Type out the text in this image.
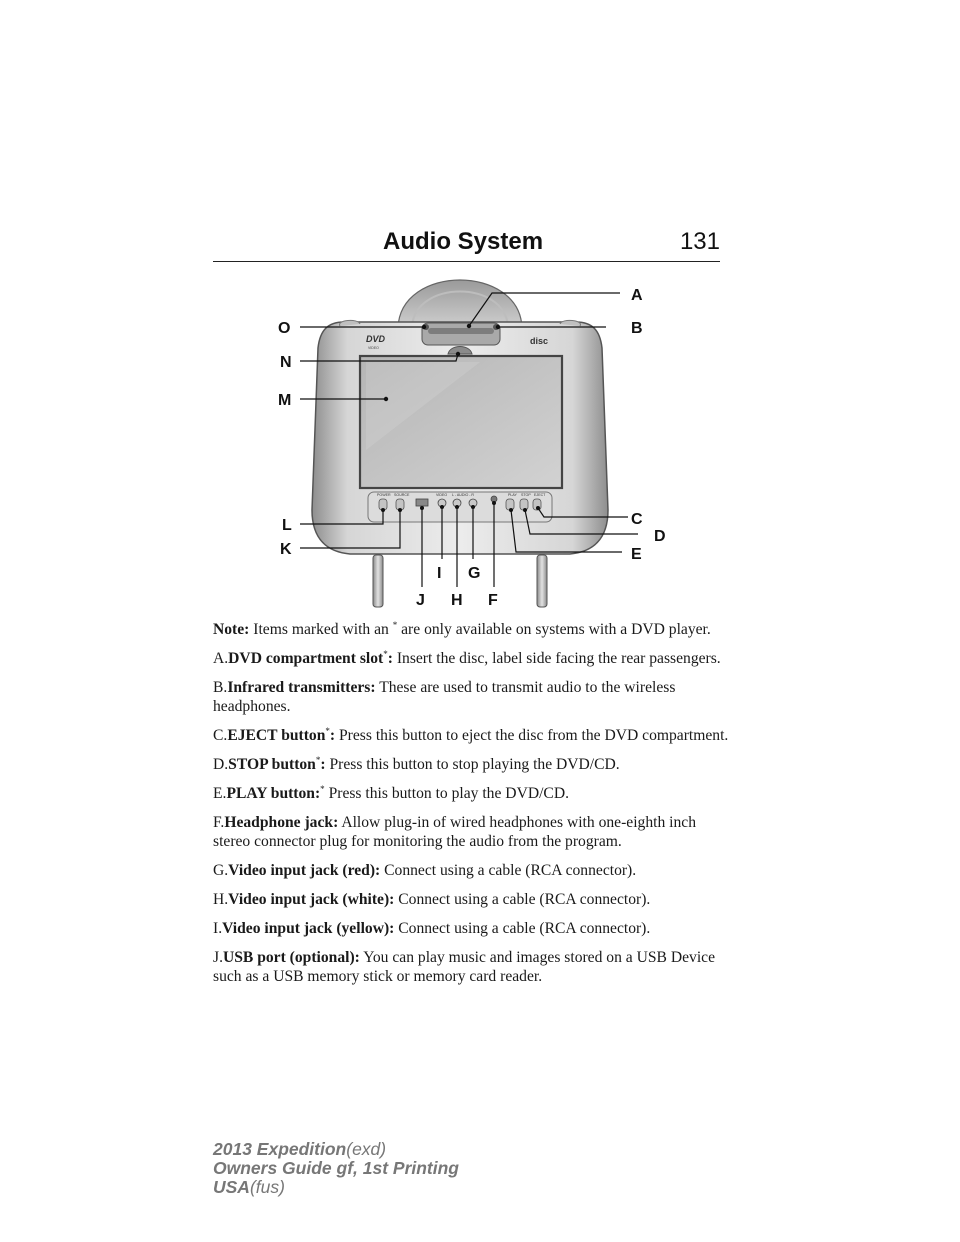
Audio System	131
DVD
VIDEO
disc
POWER SOURCE	VIDEO L - AUDIO - R	PLAY STOP EJECT
A
B
C
D
E
F
G
H
I
J
K
L
M
N
O

Note: Items marked with an * are only available on systems with a DVD player.

A.DVD compartment slot*: Insert the disc, label side facing the rear passengers.

B.Infrared transmitters: These are used to transmit audio to the wireless headphones.

C.EJECT button*: Press this button to eject the disc from the DVD compartment.

D.STOP button*: Press this button to stop playing the DVD/CD.

E.PLAY button:* Press this button to play the DVD/CD.

F.Headphone jack: Allow plug-in of wired headphones with one-eighth inch stereo connector plug for monitoring the audio from the program.

G.Video input jack (red): Connect using a cable (RCA connector).

H.Video input jack (white): Connect using a cable (RCA connector).

I.Video input jack (yellow): Connect using a cable (RCA connector).

J.USB port (optional): You can play music and images stored on a USB Device such as a USB memory stick or memory card reader.

2013 Expedition(exd)
Owners Guide gf, 1st Printing
USA(fus)
